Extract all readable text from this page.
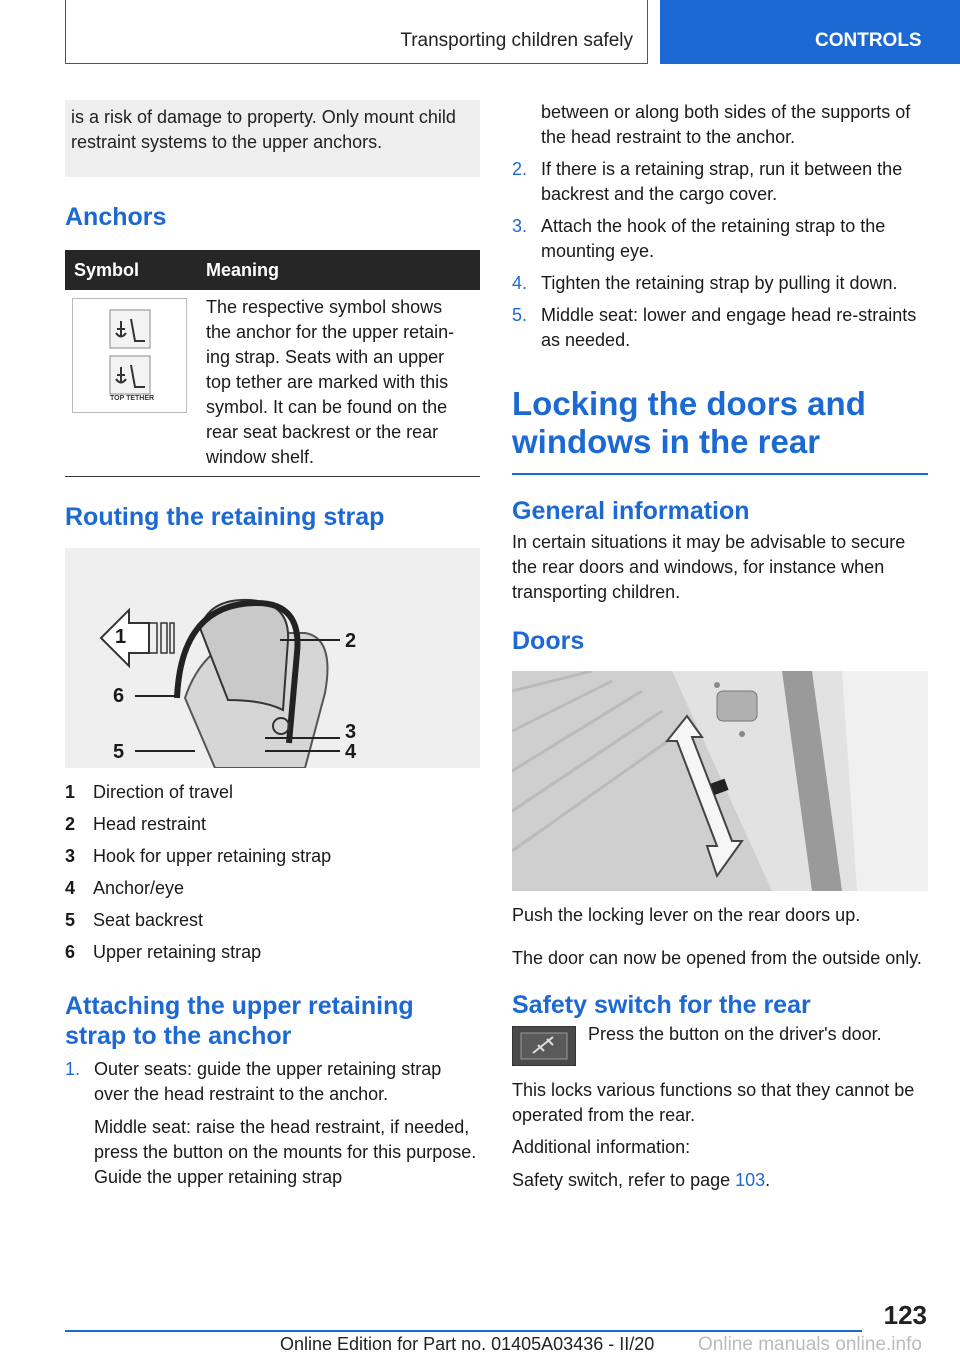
Transporting children safely	CONTROLS
is a risk of damage to property. Only mount child restraint systems to the upper anchors.
Anchors
Symbol	Meaning

TOP TETHER	The respective symbol shows the anchor for the upper retain-ing strap. Seats with an upper top tether are marked with this symbol. It can be found on the rear seat backrest or the rear window shelf.
Routing the retaining strap
1	2
3
4
5
6
1 Direction of travel
2 Head restraint
3 Hook for upper retaining strap
4 Anchor/eye
5 Seat backrest
6 Upper retaining strap
Attaching the upper retaining strap to the anchor
1. Outer seats: guide the upper retaining strap over the head restraint to the anchor.

Middle seat: raise the head restraint, if needed, press the button on the mounts for this purpose. Guide the upper retaining strap

between or along both sides of the supports of the head restraint to the anchor.

2. If there is a retaining strap, run it between the backrest and the cargo cover.
3. Attach the hook of the retaining strap to the mounting eye.
4. Tighten the retaining strap by pulling it down.
5. Middle seat: lower and engage head re-straints as needed.
Locking the doors and windows in the rear
General information

In certain situations it may be advisable to secure the rear doors and windows, for instance when transporting children.

Doors

Push the locking lever on the rear doors up.

The door can now be opened from the outside only.

Safety switch for the rear

Press the button on the driver's door.

This locks various functions so that they cannot be operated from the rear.

Additional information:

Safety switch, refer to page 103.

123
Online Edition for Part no. 01405A03436 - II/20 Online manuals online.info
